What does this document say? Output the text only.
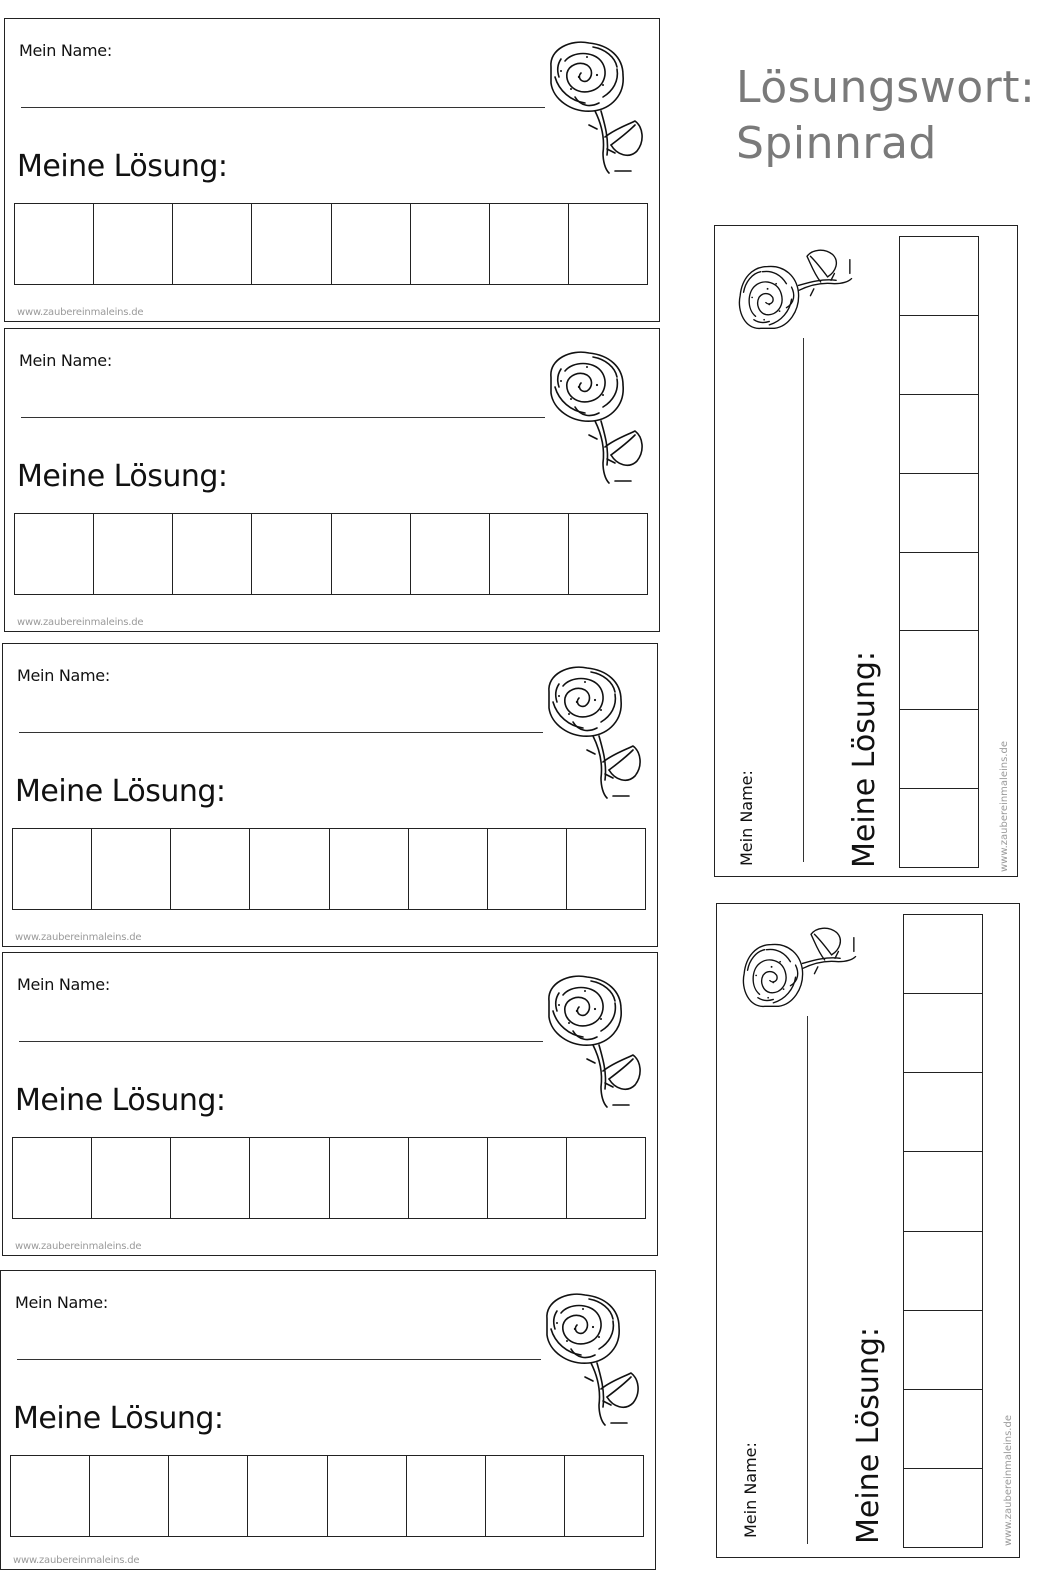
Lösungswort:
Spinnrad
Mein Name:
Meine Lösung:
www.zaubereinmaleins.de
Mein Name:
Meine Lösung:
www.zaubereinmaleins.de
Mein Name:
Meine Lösung:
www.zaubereinmaleins.de
Mein Name:
Meine Lösung:
www.zaubereinmaleins.de
Mein Name:
Meine Lösung:
www.zaubereinmaleins.de
Mein Name:	Meine Lösung:	www.zaubereinmaleins.de
Mein Name:	Meine Lösung:	www.zaubereinmaleins.de
